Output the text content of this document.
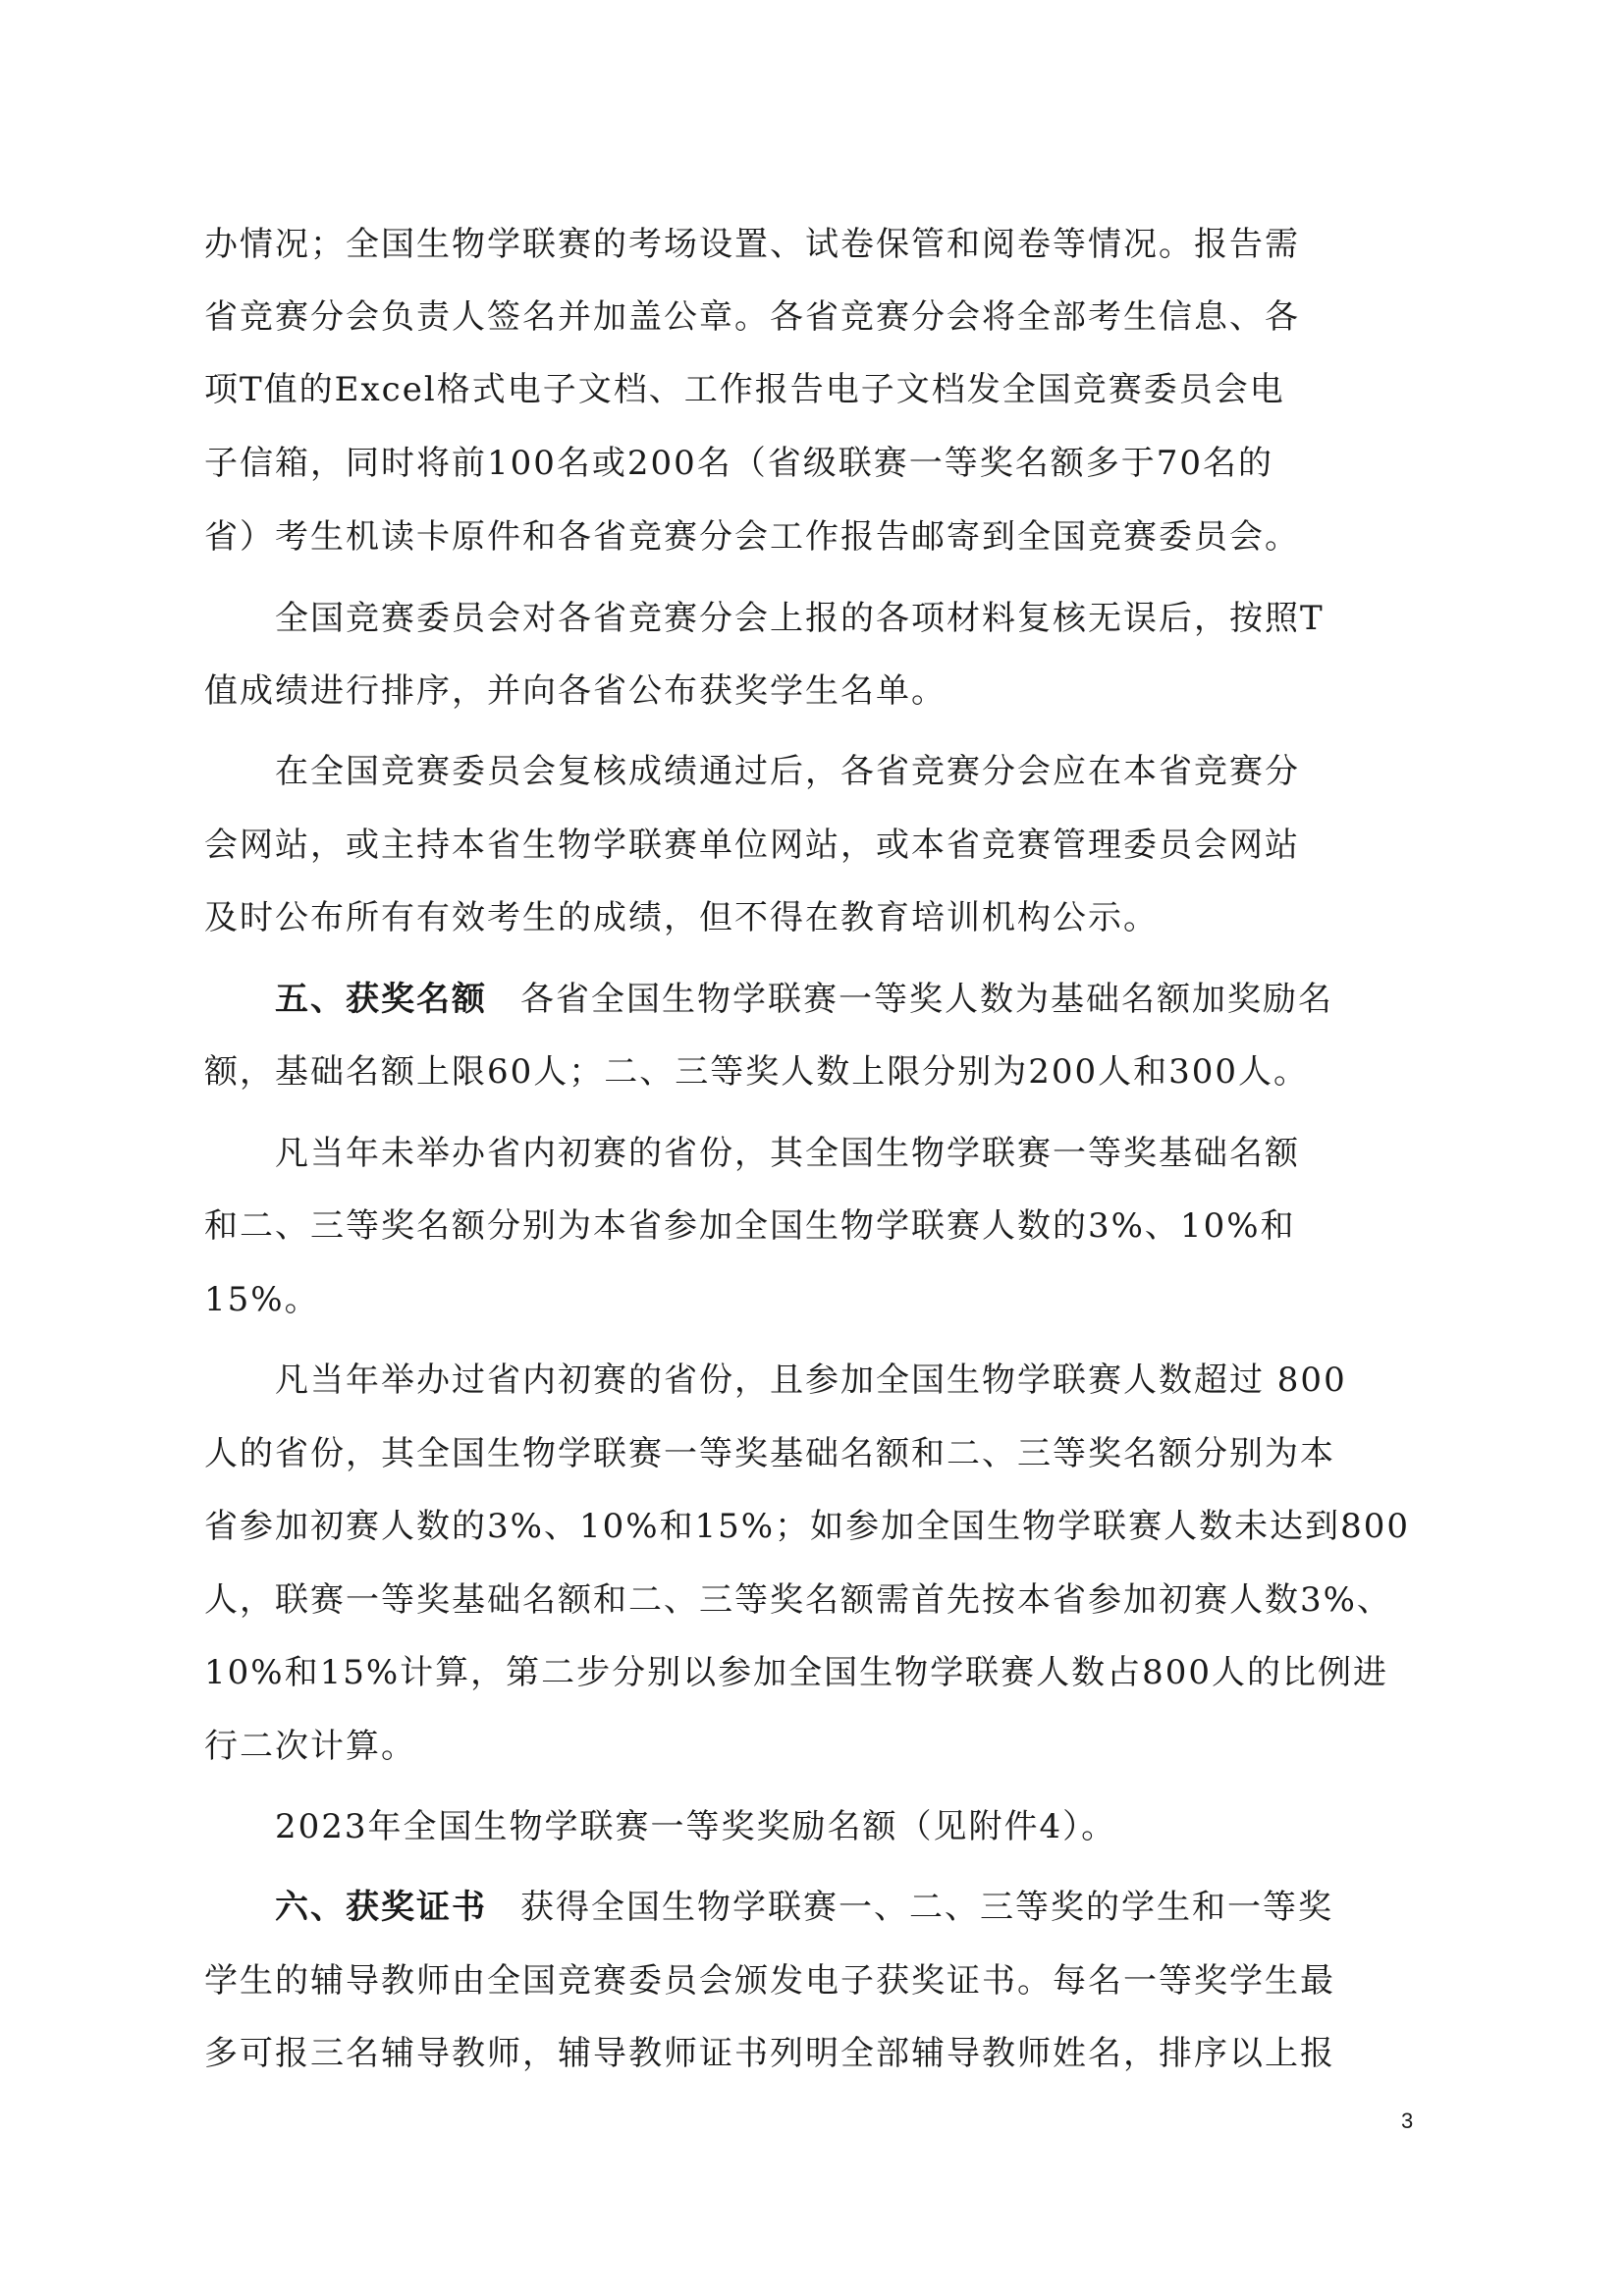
办情况；全国生物学联赛的考场设置、试卷保管和阅卷等情况。报告需
省竞赛分会负责人签名并加盖公章。各省竞赛分会将全部考生信息、各
项T值的Excel格式电子文档、工作报告电子文档发全国竞赛委员会电
子信箱，同时将前100名或200名（省级联赛一等奖名额多于70名的
省）考生机读卡原件和各省竞赛分会工作报告邮寄到全国竞赛委员会。
全国竞赛委员会对各省竞赛分会上报的各项材料复核无误后，按照T
值成绩进行排序，并向各省公布获奖学生名单。
在全国竞赛委员会复核成绩通过后，各省竞赛分会应在本省竞赛分
会网站，或主持本省生物学联赛单位网站，或本省竞赛管理委员会网站
及时公布所有有效考生的成绩，但不得在教育培训机构公示。
五、获奖名额 各省全国生物学联赛一等奖人数为基础名额加奖励名
额，基础名额上限60人；二、三等奖人数上限分别为200人和300人。
凡当年未举办省内初赛的省份，其全国生物学联赛一等奖基础名额
和二、三等奖名额分别为本省参加全国生物学联赛人数的3%、10%和
15%。
凡当年举办过省内初赛的省份，且参加全国生物学联赛人数超过 800
人的省份，其全国生物学联赛一等奖基础名额和二、三等奖名额分别为本
省参加初赛人数的3%、10%和15%；如参加全国生物学联赛人数未达到800
人，联赛一等奖基础名额和二、三等奖名额需首先按本省参加初赛人数3%、
10%和15%计算，第二步分别以参加全国生物学联赛人数占800人的比例进
行二次计算。
2023年全国生物学联赛一等奖奖励名额（见附件4）。
六、获奖证书 获得全国生物学联赛一、二、三等奖的学生和一等奖
学生的辅导教师由全国竞赛委员会颁发电子获奖证书。每名一等奖学生最
多可报三名辅导教师，辅导教师证书列明全部辅导教师姓名，排序以上报
3
